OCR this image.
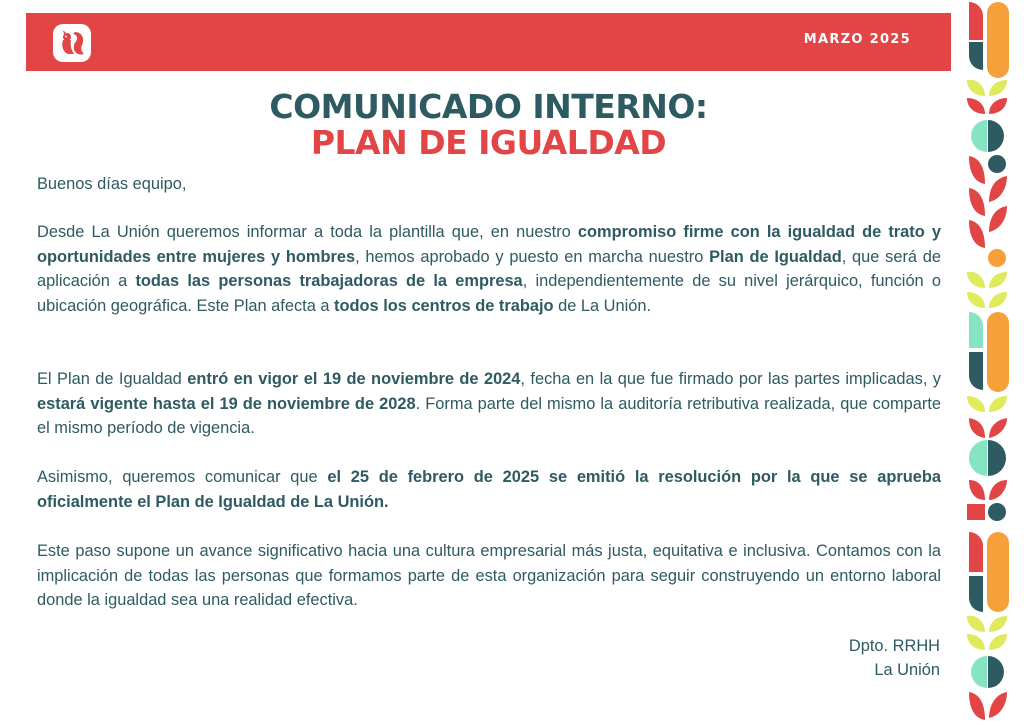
MARZO 2025
COMUNICADO INTERNO:
PLAN DE IGUALDAD
Buenos días equipo,
Desde La Unión queremos informar a toda la plantilla que, en nuestro compromiso firme con la igualdad de trato y oportunidades entre mujeres y hombres, hemos aprobado y puesto en marcha nuestro Plan de Igualdad, que será de aplicación a todas las personas trabajadoras de la empresa, independientemente de su nivel jerárquico, función o ubicación geográfica. Este Plan afecta a todos los centros de trabajo de La Unión.
El Plan de Igualdad entró en vigor el 19 de noviembre de 2024, fecha en la que fue firmado por las partes implicadas, y estará vigente hasta el 19 de noviembre de 2028. Forma parte del mismo la auditoría retributiva realizada, que comparte el mismo período de vigencia.
Asimismo, queremos comunicar que el 25 de febrero de 2025 se emitió la resolución por la que se aprueba oficialmente el Plan de Igualdad de La Unión.
Este paso supone un avance significativo hacia una cultura empresarial más justa, equitativa e inclusiva. Contamos con la implicación de todas las personas que formamos parte de esta organización para seguir construyendo un entorno laboral donde la igualdad sea una realidad efectiva.
Dpto. RRHH
La Unión
